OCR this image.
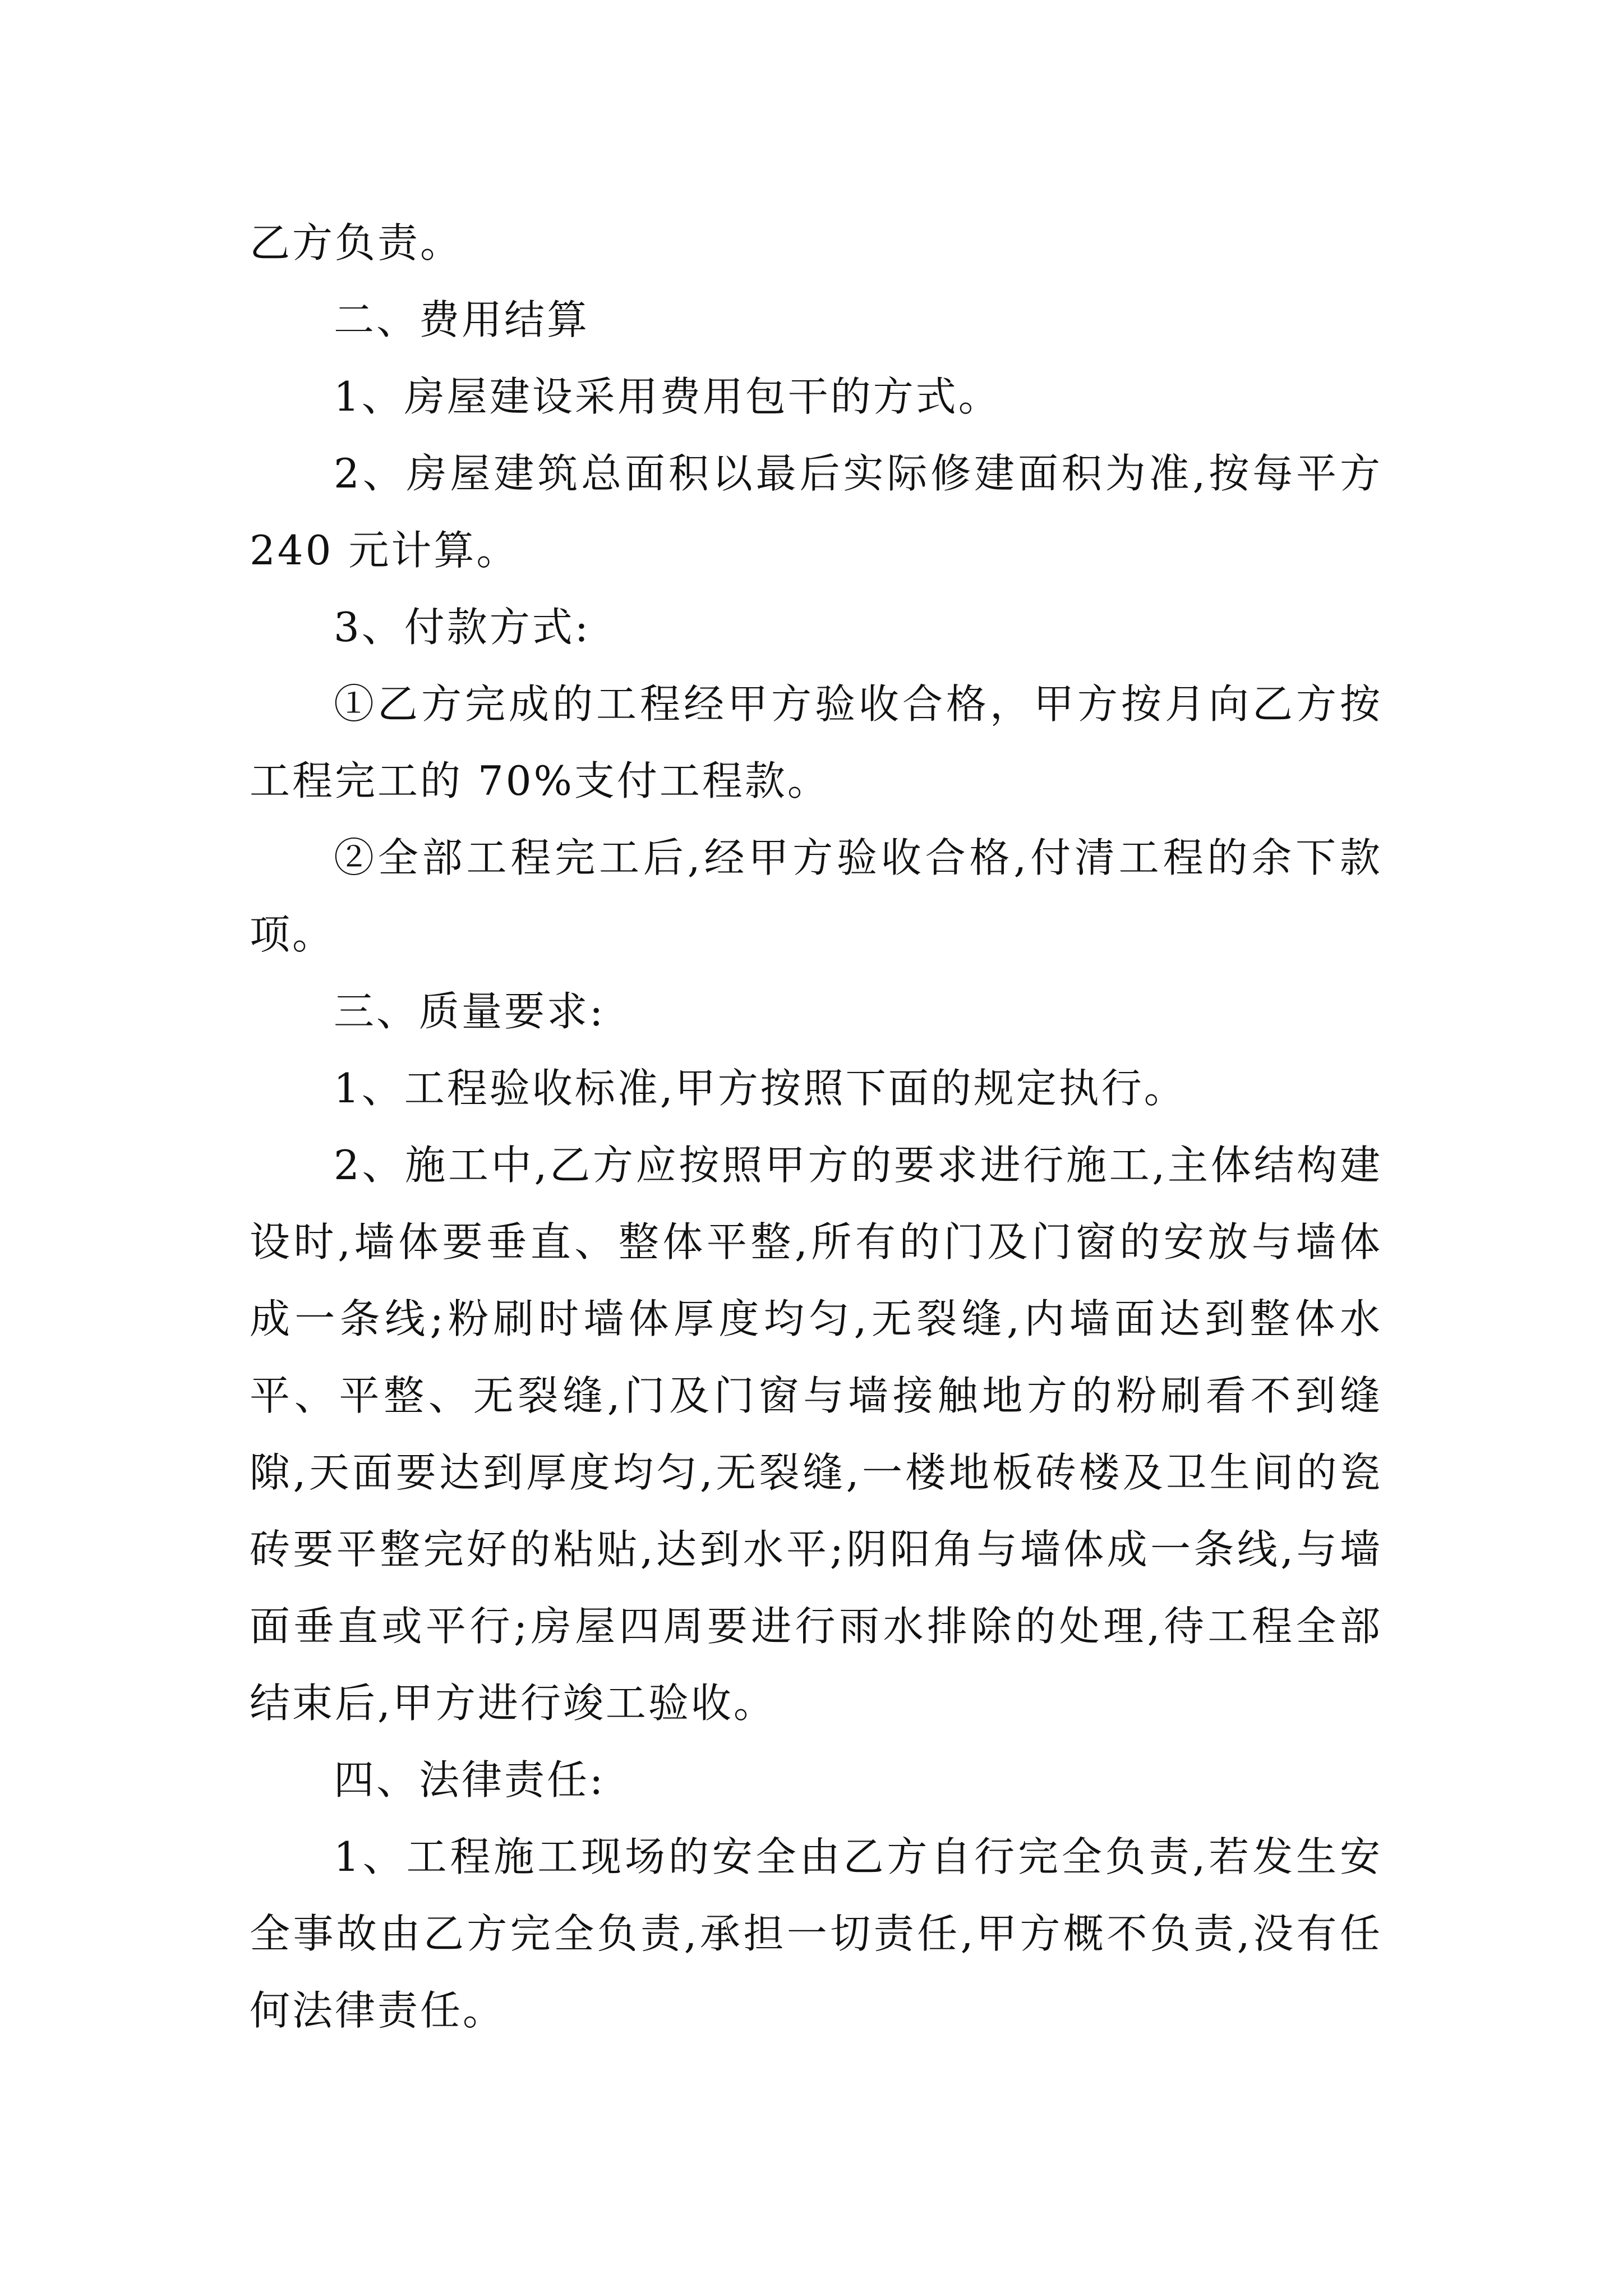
乙方负责。

二、费用结算

1、房屋建设采用费用包干的方式。

2、房屋建筑总面积以最后实际修建面积为准,按每平方240 元计算。

3、付款方式:

①乙方完成的工程经甲方验收合格，甲方按月向乙方按工程完工的 70%支付工程款。

②全部工程完工后,经甲方验收合格,付清工程的余下款项。

三、质量要求:

1、工程验收标准,甲方按照下面的规定执行。

2、施工中,乙方应按照甲方的要求进行施工,主体结构建设时,墙体要垂直、整体平整,所有的门及门窗的安放与墙体成一条线;粉刷时墙体厚度均匀,无裂缝,内墙面达到整体水平、平整、无裂缝,门及门窗与墙接触地方的粉刷看不到缝隙,天面要达到厚度均匀,无裂缝,一楼地板砖楼及卫生间的瓷砖要平整完好的粘贴,达到水平;阴阳角与墙体成一条线,与墙面垂直或平行;房屋四周要进行雨水排除的处理,待工程全部结束后,甲方进行竣工验收。

四、法律责任:

1、工程施工现场的安全由乙方自行完全负责,若发生安全事故由乙方完全负责,承担一切责任,甲方概不负责,没有任何法律责任。
